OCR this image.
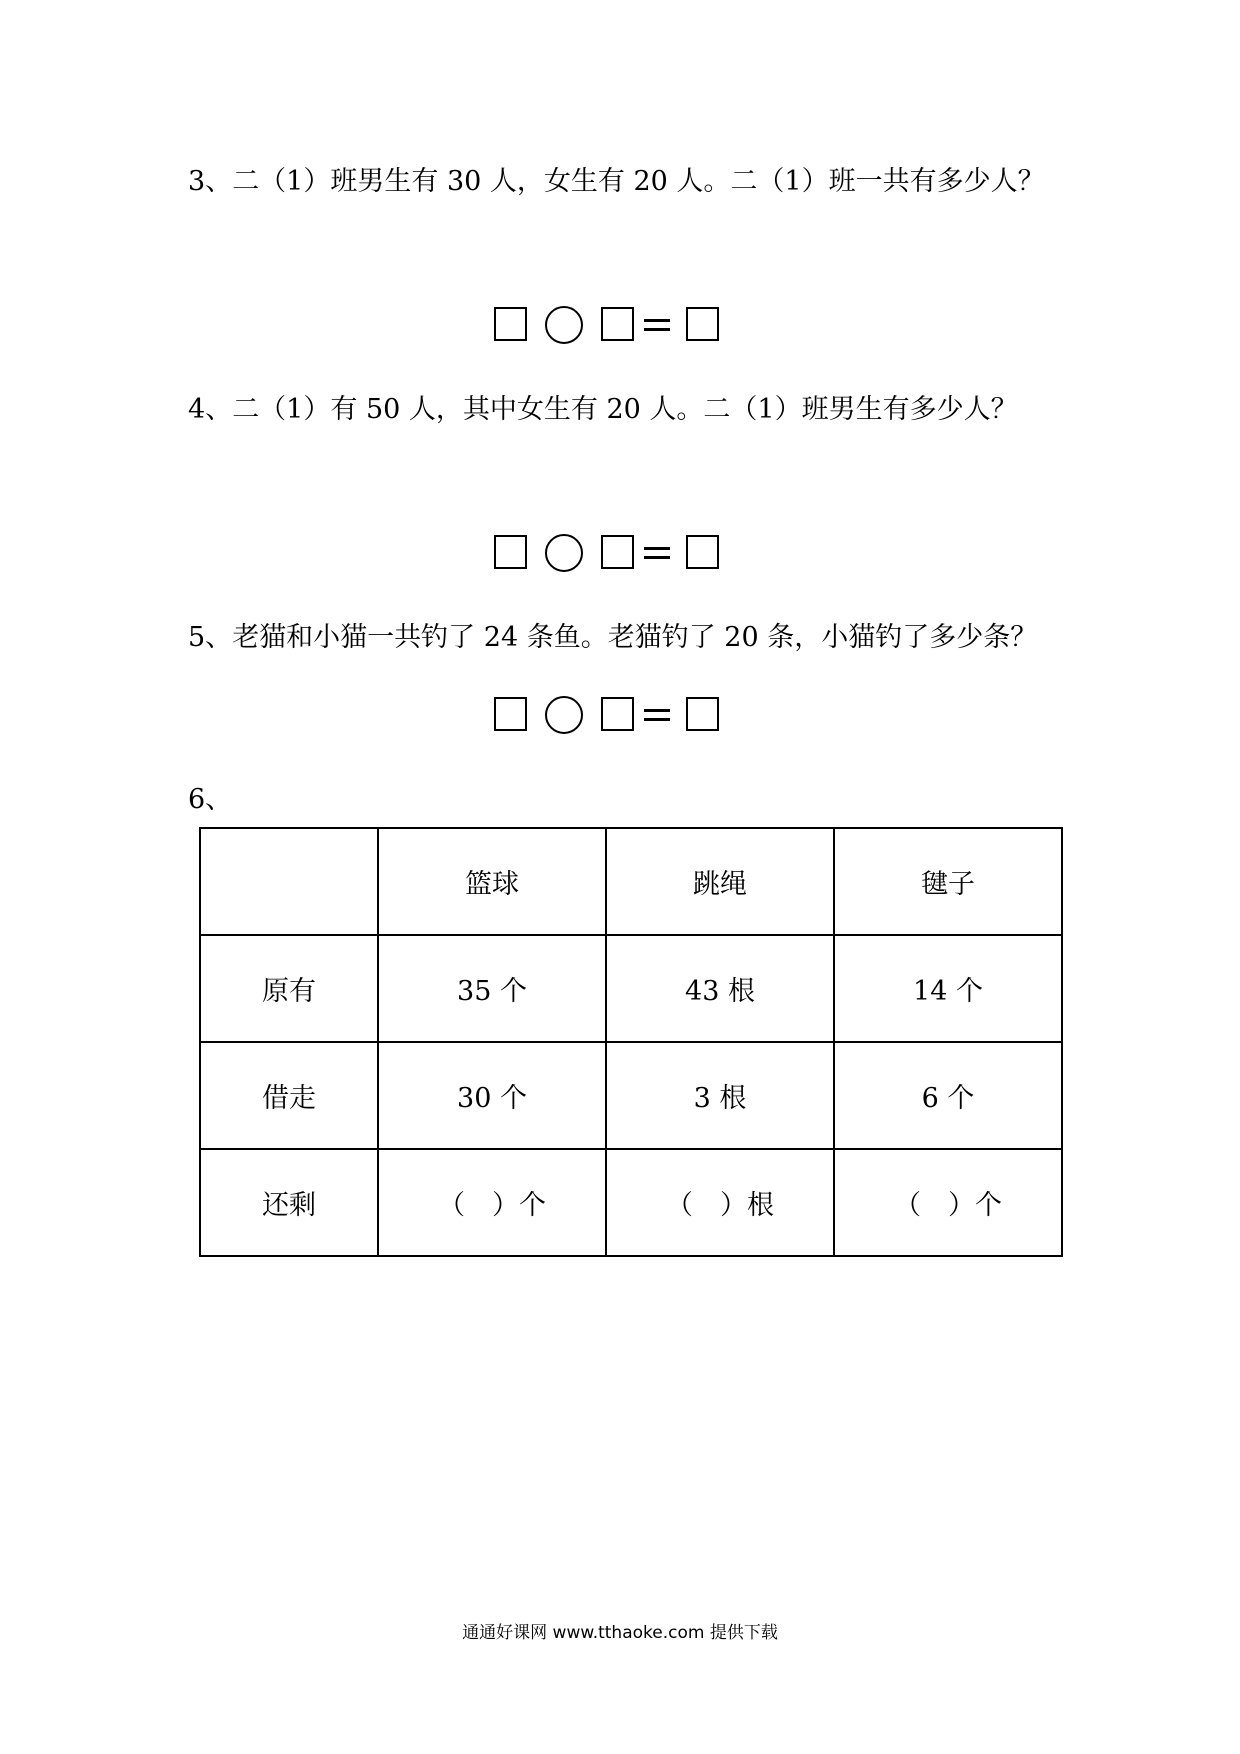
3、二（1）班男生有 30 人，女生有 20 人。二（1）班一共有多少人？
4、二（1）有 50 人，其中女生有 20 人。二（1）班男生有多少人？
5、老猫和小猫一共钓了 24 条鱼。老猫钓了 20 条，小猫钓了多少条？
6、
	篮球	跳绳	毽子
原有	35 个	43 根	14 个
借走	30 个	3 根	6 个
还剩	（　）个	（　）根	（　）个
通通好课网 www.tthaoke.com 提供下载
